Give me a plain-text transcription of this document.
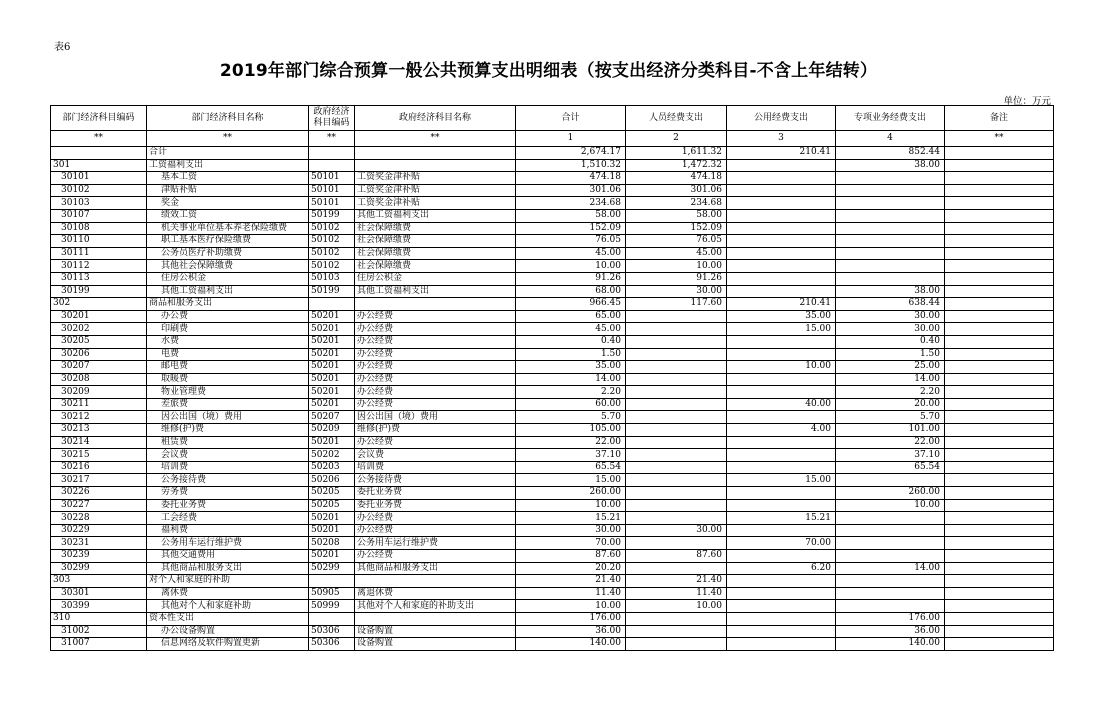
表6
2019年部门综合预算一般公共预算支出明细表（按支出经济分类科目-不含上年结转）
单位：万元
部门经济科目编码	部门经济科目名称	政府经济科目编码	政府经济科目名称	合计	人员经费支出	公用经费支出	专项业务经费支出	备注
**	**	**	**	1	2	3	4	**
	合计			2,674.17	1,611.32	210.41	852.44	
301	工资福利支出			1,510.32	1,472.32		38.00	
30101	基本工资	50101	工资奖金津补贴	474.18	474.18			
30102	津贴补贴	50101	工资奖金津补贴	301.06	301.06			
30103	奖金	50101	工资奖金津补贴	234.68	234.68			
30107	绩效工资	50199	其他工资福利支出	58.00	58.00			
30108	机关事业单位基本养老保险缴费	50102	社会保障缴费	152.09	152.09			
30110	职工基本医疗保险缴费	50102	社会保障缴费	76.05	76.05			
30111	公务员医疗补助缴费	50102	社会保障缴费	45.00	45.00			
30112	其他社会保障缴费	50102	社会保障缴费	10.00	10.00			
30113	住房公积金	50103	住房公积金	91.26	91.26			
30199	其他工资福利支出	50199	其他工资福利支出	68.00	30.00		38.00	
302	商品和服务支出			966.45	117.60	210.41	638.44	
30201	办公费	50201	办公经费	65.00		35.00	30.00	
30202	印刷费	50201	办公经费	45.00		15.00	30.00	
30205	水费	50201	办公经费	0.40			0.40	
30206	电费	50201	办公经费	1.50			1.50	
30207	邮电费	50201	办公经费	35.00		10.00	25.00	
30208	取暖费	50201	办公经费	14.00			14.00	
30209	物业管理费	50201	办公经费	2.20			2.20	
30211	差旅费	50201	办公经费	60.00		40.00	20.00	
30212	因公出国（境）费用	50207	因公出国（境）费用	5.70			5.70	
30213	维修(护)费	50209	维修(护)费	105.00		4.00	101.00	
30214	租赁费	50201	办公经费	22.00			22.00	
30215	会议费	50202	会议费	37.10			37.10	
30216	培训费	50203	培训费	65.54			65.54	
30217	公务接待费	50206	公务接待费	15.00		15.00		
30226	劳务费	50205	委托业务费	260.00			260.00	
30227	委托业务费	50205	委托业务费	10.00			10.00	
30228	工会经费	50201	办公经费	15.21		15.21		
30229	福利费	50201	办公经费	30.00	30.00			
30231	公务用车运行维护费	50208	公务用车运行维护费	70.00		70.00		
30239	其他交通费用	50201	办公经费	87.60	87.60			
30299	其他商品和服务支出	50299	其他商品和服务支出	20.20		6.20	14.00	
303	对个人和家庭的补助			21.40	21.40			
30301	离休费	50905	离退休费	11.40	11.40			
30399	其他对个人和家庭补助	50999	其他对个人和家庭的补助支出	10.00	10.00			
310	资本性支出			176.00			176.00	
31002	办公设备购置	50306	设备购置	36.00			36.00	
31007	信息网络及软件购置更新	50306	设备购置	140.00			140.00	
